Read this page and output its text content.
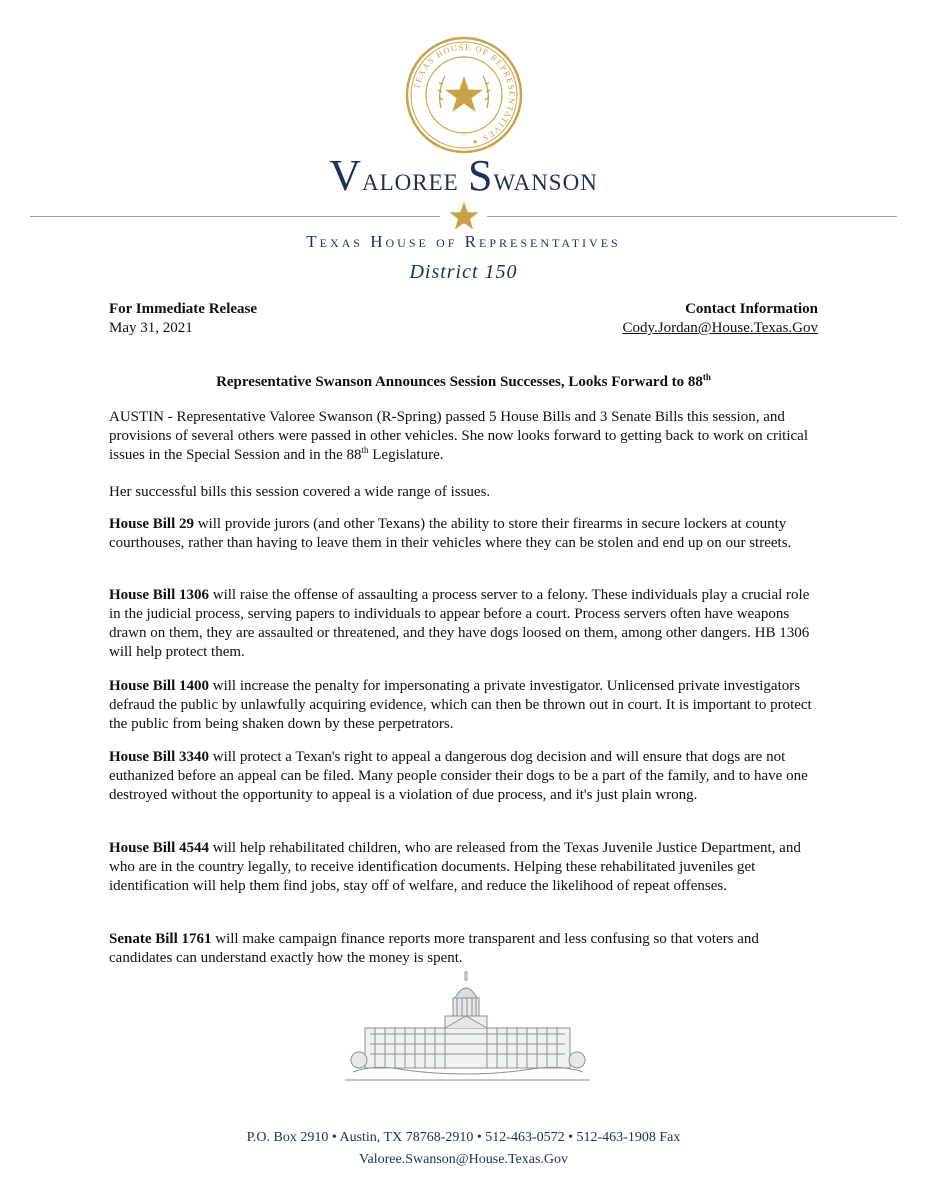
TEXAS HOUSE OF REPRESENTATIVES ✦
Valoree Swanson
Texas House of Representatives
District 150
For Immediate Release
May 31, 2021
Contact Information
Cody.Jordan@House.Texas.Gov
Representative Swanson Announces Session Successes, Looks Forward to 88th

AUSTIN - Representative Valoree Swanson (R-Spring) passed 5 House Bills and 3 Senate Bills this session, and provisions of several others were passed in other vehicles. She now looks forward to getting back to work on critical issues in the Special Session and in the 88th Legislature.

Her successful bills this session covered a wide range of issues.

House Bill 29 will provide jurors (and other Texans) the ability to store their firearms in secure lockers at county courthouses, rather than having to leave them in their vehicles where they can be stolen and end up on our streets.

House Bill 1306 will raise the offense of assaulting a process server to a felony. These individuals play a crucial role in the judicial process, serving papers to individuals to appear before a court. Process servers often have weapons drawn on them, they are assaulted or threatened, and they have dogs loosed on them, among other dangers. HB 1306 will help protect them.

House Bill 1400 will increase the penalty for impersonating a private investigator. Unlicensed private investigators defraud the public by unlawfully acquiring evidence, which can then be thrown out in court. It is important to protect the public from being shaken down by these perpetrators.

House Bill 3340 will protect a Texan's right to appeal a dangerous dog decision and will ensure that dogs are not euthanized before an appeal can be filed. Many people consider their dogs to be a part of the family, and to have one destroyed without the opportunity to appeal is a violation of due process, and it's just plain wrong.

House Bill 4544 will help rehabilitated children, who are released from the Texas Juvenile Justice Department, and who are in the country legally, to receive identification documents. Helping these rehabilitated juveniles get identification will help them find jobs, stay off of welfare, and reduce the likelihood of repeat offenses.

Senate Bill 1761 will make campaign finance reports more transparent and less confusing so that voters and candidates can understand exactly how the money is spent.

P.O. Box 2910 • Austin, TX 78768-2910 • 512-463-0572 • 512-463-1908 Fax
Valoree.Swanson@House.Texas.Gov
